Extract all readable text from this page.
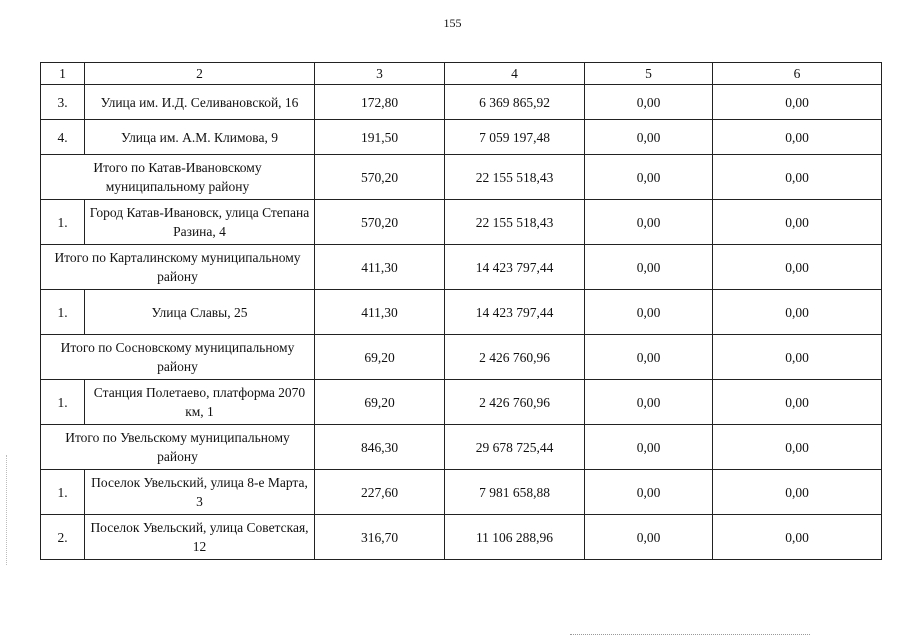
155
1	2	3	4	5	6
3.	Улица им. И.Д. Селивановской, 16	172,80	6 369 865,92	0,00	0,00
4.	Улица им. А.М. Климова, 9	191,50	7 059 197,48	0,00	0,00
Итого по Катав-Ивановскому муниципальному району		570,20	22 155 518,43	0,00	0,00
1.	Город Катав-Ивановск, улица Степана Разина, 4	570,20	22 155 518,43	0,00	0,00
Итого по Карталинскому муниципальному району		411,30	14 423 797,44	0,00	0,00
1.	Улица Славы, 25	411,30	14 423 797,44	0,00	0,00
Итого по Сосновскому муниципальному району		69,20	2 426 760,96	0,00	0,00
1.	Станция Полетаево, платформа 2070 км, 1	69,20	2 426 760,96	0,00	0,00
Итого по Увельскому муниципальному району		846,30	29 678 725,44	0,00	0,00
1.	Поселок Увельский, улица 8-е Марта, 3	227,60	7 981 658,88	0,00	0,00
2.	Поселок Увельский, улица Советская, 12	316,70	11 106 288,96	0,00	0,00
